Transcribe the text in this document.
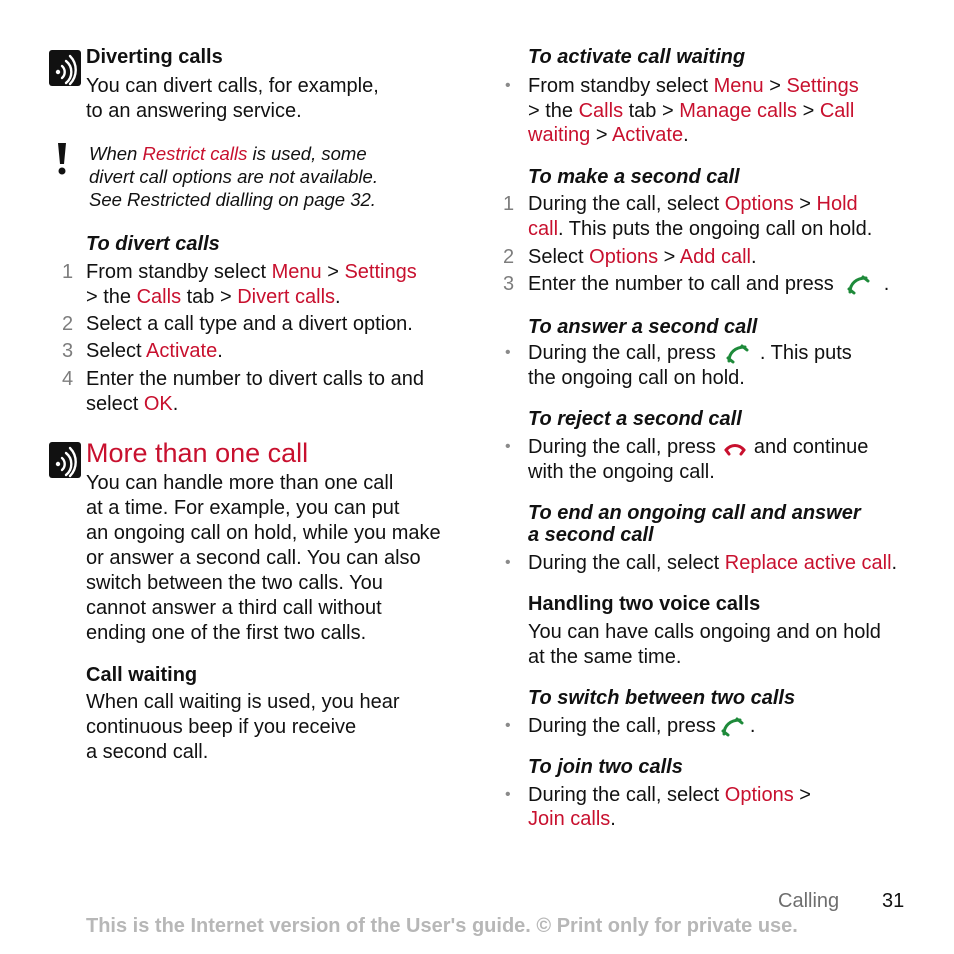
Diverting calls
You can divert calls, for example,
to an answering service.
When Restrict calls is used, some
divert call options are not available.
See Restricted dialling on page 32.
To divert calls
1 From standby select Menu > Settings
> the Calls tab > Divert calls.
2 Select a call type and a divert option.
3 Select Activate.
4 Enter the number to divert calls to and
select OK.
More than one call
You can handle more than one call
at a time. For example, you can put
an ongoing call on hold, while you make
or answer a second call. You can also
switch between the two calls. You
cannot answer a third call without
ending one of the first two calls.
Call waiting
When call waiting is used, you hear
continuous beep if you receive
a second call.
To activate call waiting
• From standby select Menu > Settings
> the Calls tab > Manage calls > Call
waiting > Activate.
To make a second call
1 During the call, select Options > Hold
call. This puts the ongoing call on hold.
2 Select Options > Add call.
3 Enter the number to call and press	.
To answer a second call
• During the call, press . This puts
the ongoing call on hold.
To reject a second call
• During the call, press and continue
with the ongoing call.
To end an ongoing call and answer
a second call
• During the call, select Replace active call.
Handling two voice calls
You can have calls ongoing and on hold
at the same time.
To switch between two calls
• During the call, press .
To join two calls
• During the call, select Options >
Join calls.
Calling 31
This is the Internet version of the User's guide. © Print only for private use.
